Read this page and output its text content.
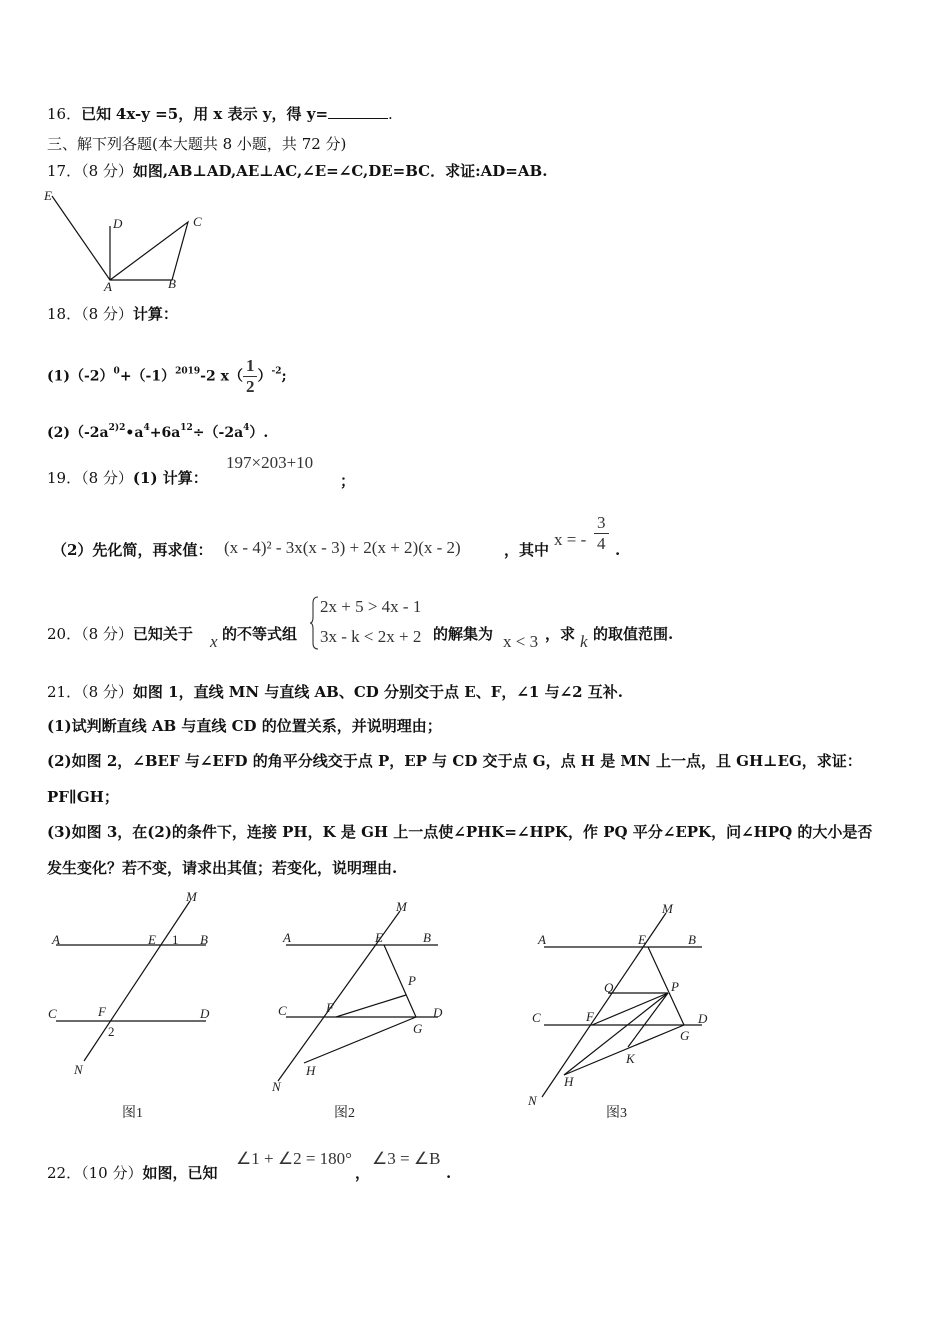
16．已知 4x-y =5，用 x 表示 y，得 y=	.
三、解下列各题(本大题共 8 小题，共 72 分)
17．（8 分）如图,AB⊥AD,AE⊥AC,∠E=∠C,DE=BC．求证:AD=AB.
E
D	C
A	B
18．（8 分）计算：
$(1)(-2)^0+(-1)^{2019}-2$ $x( \frac{1}{2} )^{-2}$;
$(2)(-2a^{2)2}•a^4+6a^{12}\div(-2a^4)$.
19．（8 分）(1) 计算：
197×203+10
；
（2）先化简，再求值： (x - 4)² - 3x(x - 3) + 2(x + 2)(x - 2)	，其中
x = - $\frac{3}{4}$ .
20．（8 分）已知关于 x 的不等式组
2x + 5 > 4x - 1
3x - k < 2x + 2 的解集为 x < 3 ，求 k 的取值范围.
21．（8 分）如图 1，直线 MN 与直线 AB、CD 分别交于点 E、F，∠1 与∠2 互补.
(1)试判断直线 AB 与直线 CD 的位置关系，并说明理由；
(2)如图 2，∠BEF 与∠EFD 的角平分线交于点 P，EP 与 CD 交于点 G，点 H 是 MN 上一点，且 GH⊥EG，求证：
PF∥GH；
(3)如图 3，在(2)的条件下，连接 PH，K 是 GH 上一点使∠PHK=∠HPK，作 PQ 平分∠EPK，问∠HPQ 的大小是否
发生变化？若不变，请求出其值；若变化，说明理由.
M
A	E 1 B
C	F
2
D
N
图1
M
A	E	B
P
C	F	D
G
H
N
图2
M
A	E	B
Q	P
C	F	D
G
K
H
N
图3
22．（10 分）如图，已知
∠1 + ∠2 = 180°
，
∠3 = ∠B
.
